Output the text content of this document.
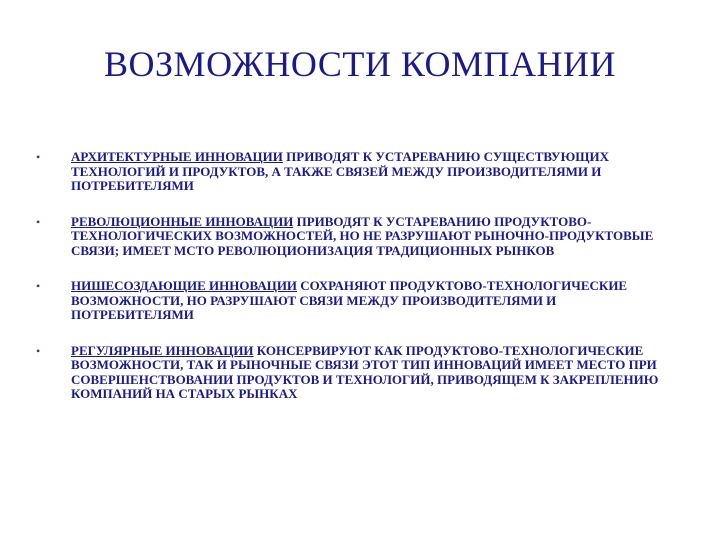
ВОЗМОЖНОСТИ КОМПАНИИ
• АРХИТЕКТУРНЫЕ ИННОВАЦИИ ПРИВОДЯТ К УСТАРЕВАНИЮ СУЩЕСТВУЮЩИХ ТЕХНОЛОГИЙ И ПРОДУКТОВ, А ТАКЖЕ СВЯЗЕЙ МЕЖДУ ПРОИЗВОДИТЕЛЯМИ И ПОТРЕБИТЕЛЯМИ
• РЕВОЛЮЦИОННЫЕ ИННОВАЦИИ ПРИВОДЯТ К УСТАРЕВАНИЮ ПРОДУКТОВО-ТЕХНОЛОГИЧЕСКИХ ВОЗМОЖНОСТЕЙ, НО НЕ РАЗРУШАЮТ РЫНОЧНО-ПРОДУКТОВЫЕ СВЯЗИ; ИМЕЕТ МСТО РЕВОЛЮЦИОНИЗАЦИЯ ТРАДИЦИОННЫХ РЫНКОВ
• НИШЕСОЗДАЮЩИЕ ИННОВАЦИИ СОХРАНЯЮТ ПРОДУКТОВО-ТЕХНОЛОГИЧЕСКИЕ ВОЗМОЖНОСТИ, НО РАЗРУШАЮТ СВЯЗИ МЕЖДУ ПРОИЗВОДИТЕЛЯМИ И ПОТРЕБИТЕЛЯМИ
• РЕГУЛЯРНЫЕ ИННОВАЦИИ КОНСЕРВИРУЮТ КАК ПРОДУКТОВО-ТЕХНОЛОГИЧЕСКИЕ ВОЗМОЖНОСТИ, ТАК И РЫНОЧНЫЕ СВЯЗИ ЭТОТ ТИП ИННОВАЦИЙ ИМЕЕТ МЕСТО ПРИ СОВЕРШЕНСТВОВАНИИ ПРОДУКТОВ И ТЕХНОЛОГИЙ, ПРИВОДЯЩЕМ К ЗАКРЕПЛЕНИЮ КОМПАНИЙ НА СТАРЫХ РЫНКАХ
